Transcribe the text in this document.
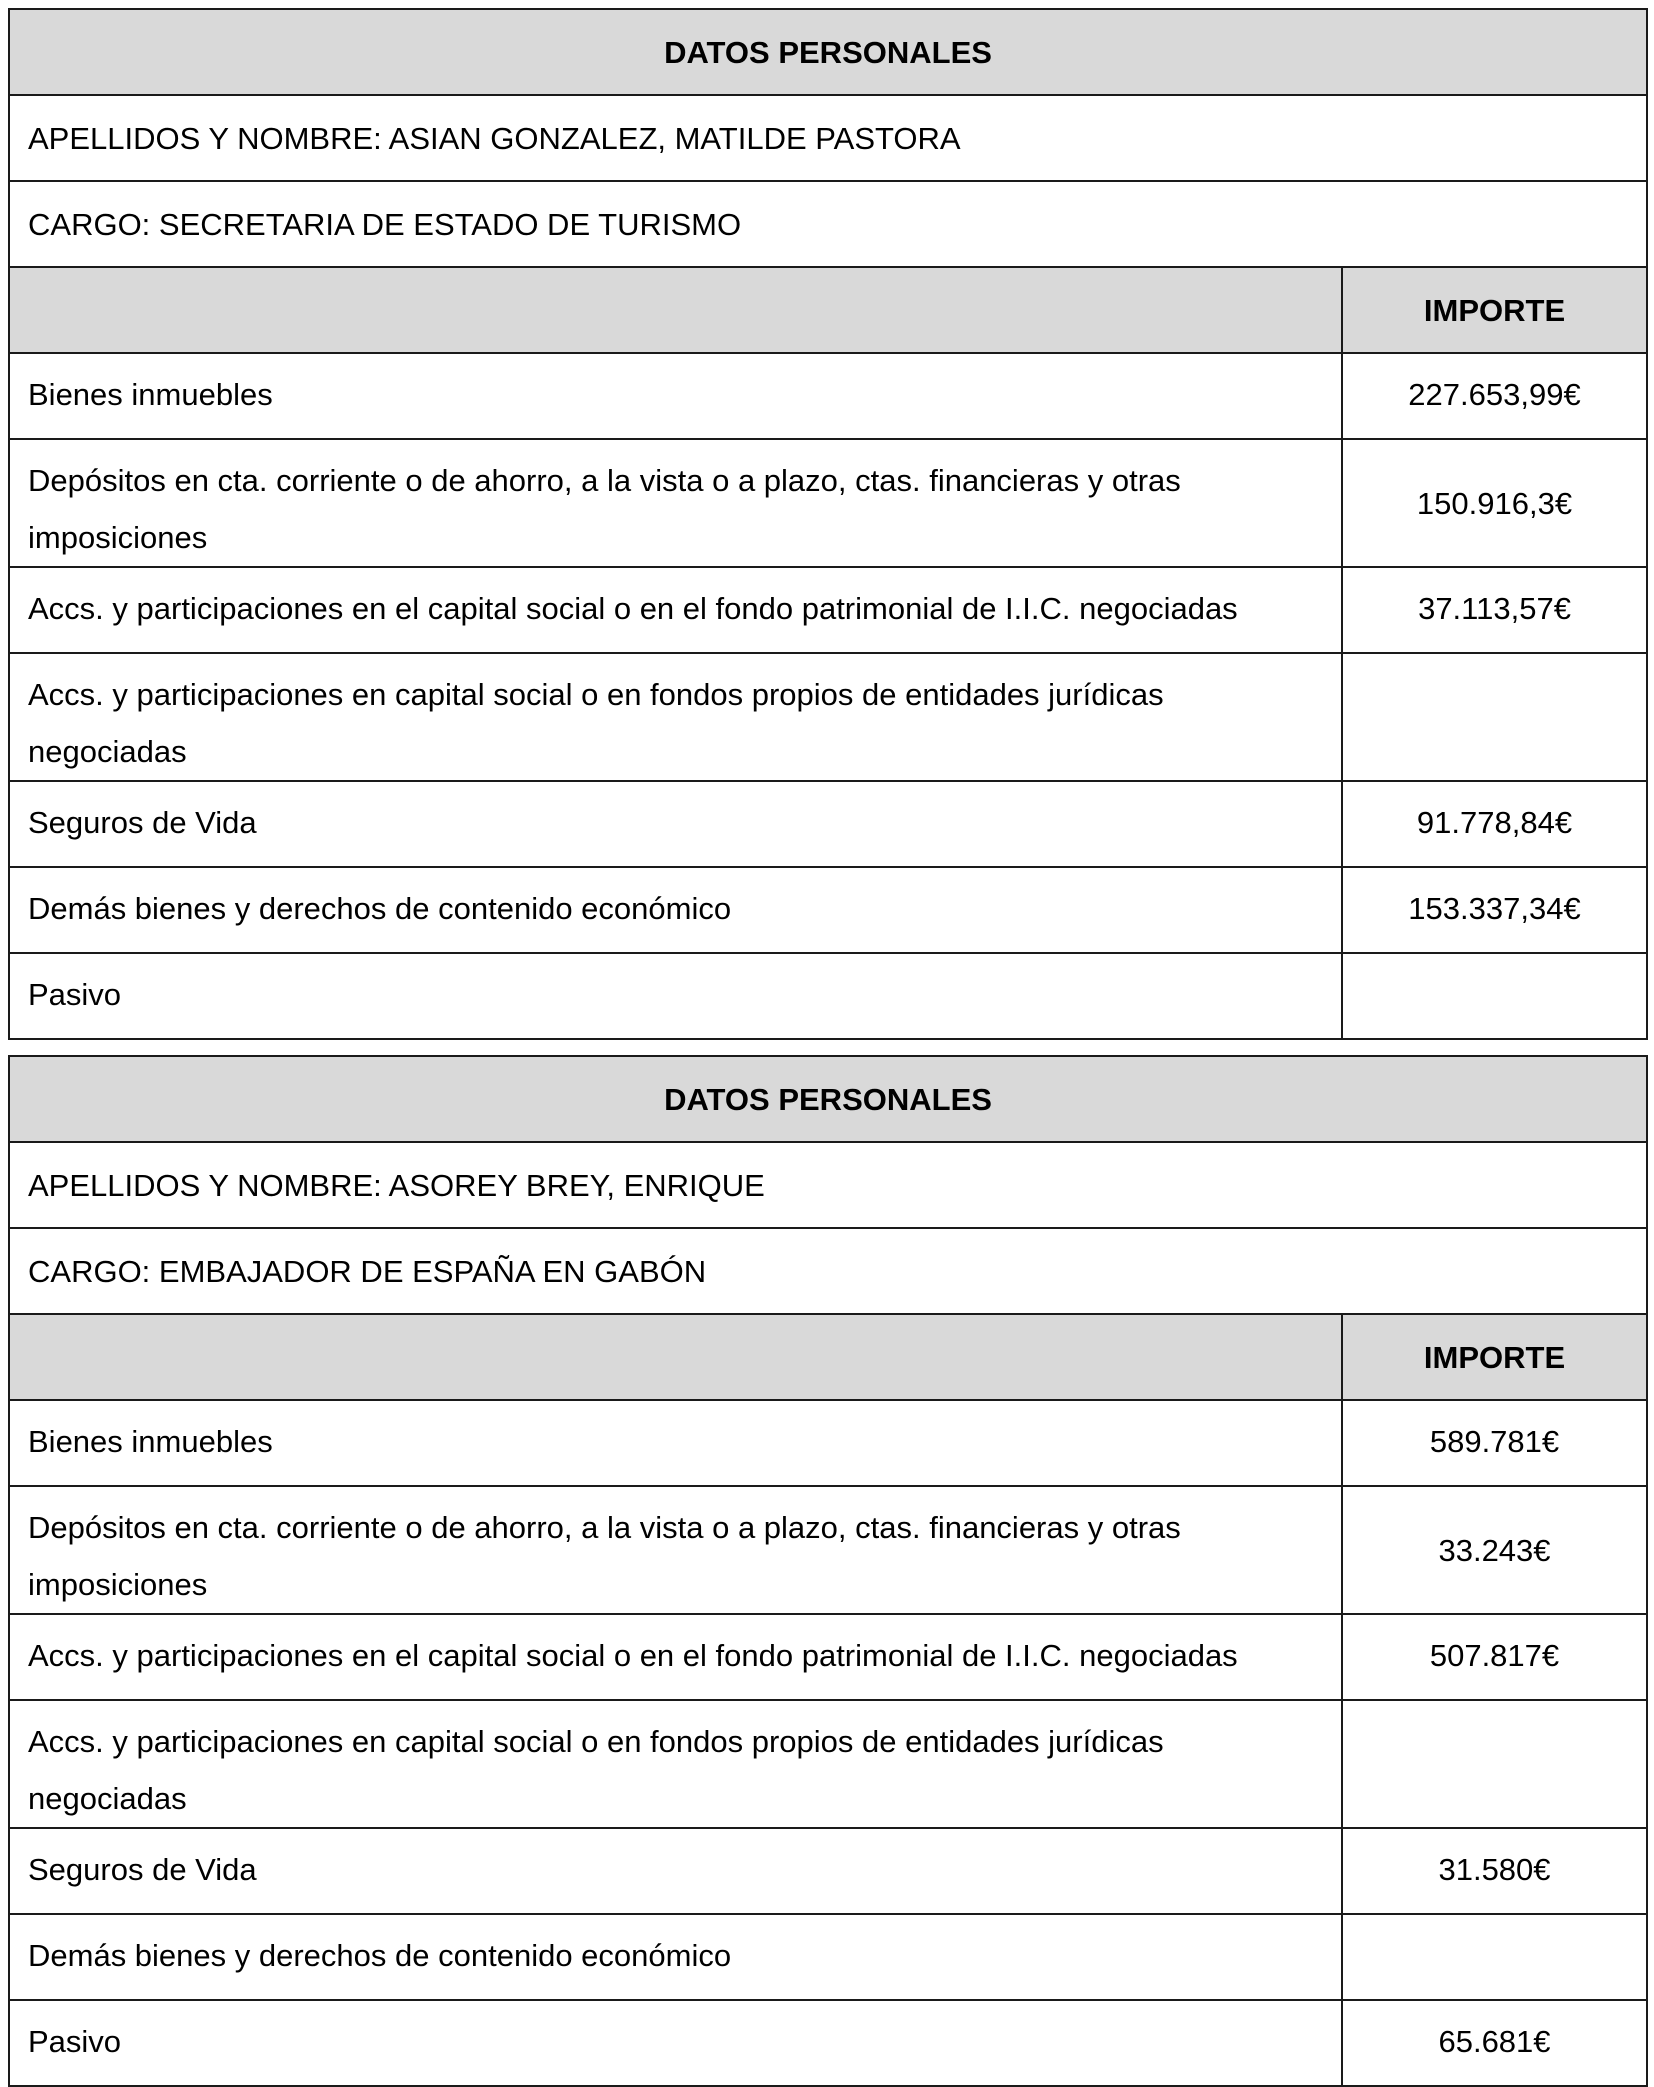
DATOS PERSONALES	
APELLIDOS Y NOMBRE: ASIAN GONZALEZ, MATILDE PASTORA	
CARGO: SECRETARIA DE ESTADO DE TURISMO	
	IMPORTE
Bienes inmuebles	227.653,99€
Depósitos en cta. corriente o de ahorro, a la vista o a plazo, ctas. financieras y otras imposiciones	150.916,3€
Accs. y participaciones en el capital social o en el fondo patrimonial de I.I.C. negociadas	37.113,57€
Accs. y participaciones en capital social o en fondos propios de entidades jurídicas negociadas	
Seguros de Vida	91.778,84€
Demás bienes y derechos de contenido económico	153.337,34€
Pasivo	
DATOS PERSONALES	
APELLIDOS Y NOMBRE: ASOREY BREY, ENRIQUE	
CARGO: EMBAJADOR DE ESPAÑA EN GABÓN	
	IMPORTE
Bienes inmuebles	589.781€
Depósitos en cta. corriente o de ahorro, a la vista o a plazo, ctas. financieras y otras imposiciones	33.243€
Accs. y participaciones en el capital social o en el fondo patrimonial de I.I.C. negociadas	507.817€
Accs. y participaciones en capital social o en fondos propios de entidades jurídicas negociadas	
Seguros de Vida	31.580€
Demás bienes y derechos de contenido económico	
Pasivo	65.681€
